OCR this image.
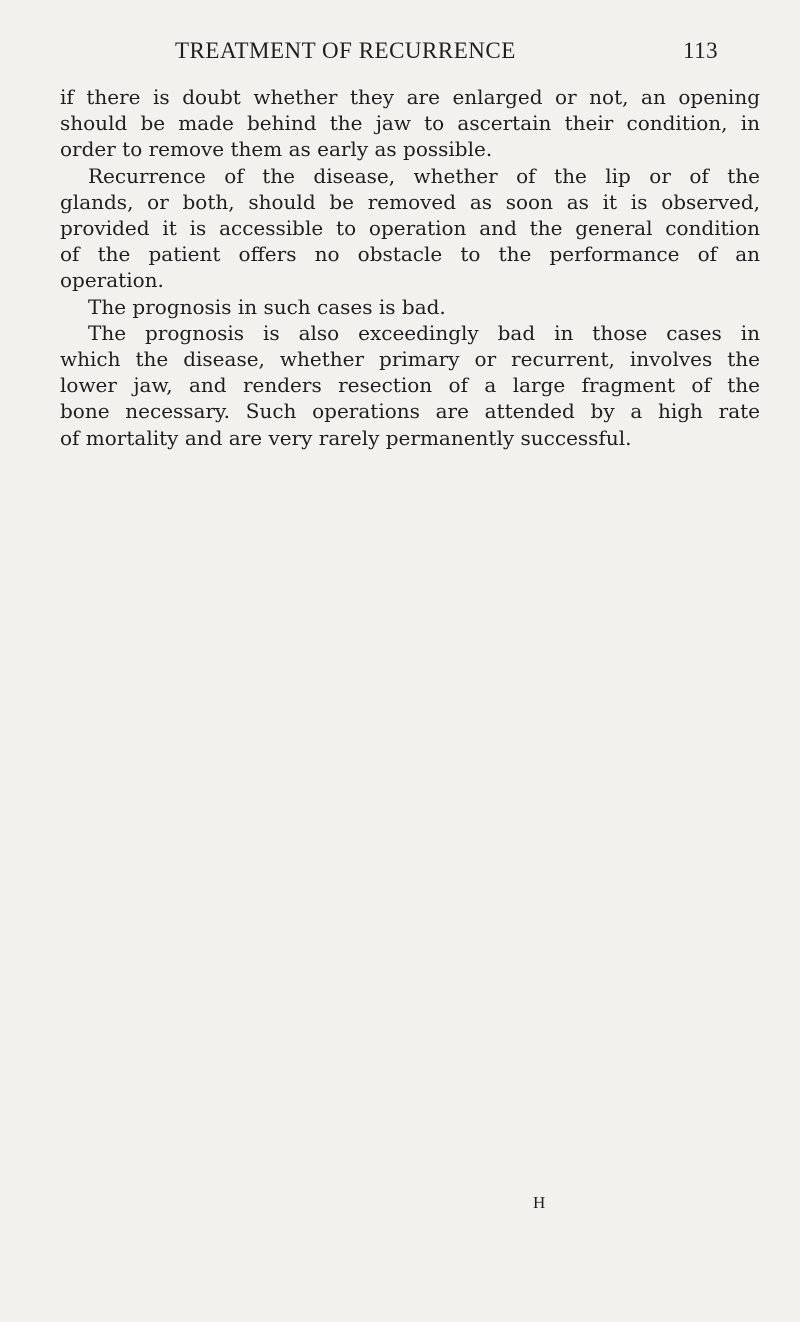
TREATMENT OF RECURRENCE	113
if there is doubt whether they are enlarged or not, an opening
should be made behind the jaw to ascertain their condition, in
order to remove them as early as possible.
Recurrence of the disease, whether of the lip or of the
glands, or both, should be removed as soon as it is observed,
provided it is accessible to operation and the general condition
of the patient offers no obstacle to the performance of an
operation.
The prognosis in such cases is bad.
The prognosis is also exceedingly bad in those cases in
which the disease, whether primary or recurrent, involves the
lower jaw, and renders resection of a large fragment of the
bone necessary. Such operations are attended by a high rate
of mortality and are very rarely permanently successful.
H
